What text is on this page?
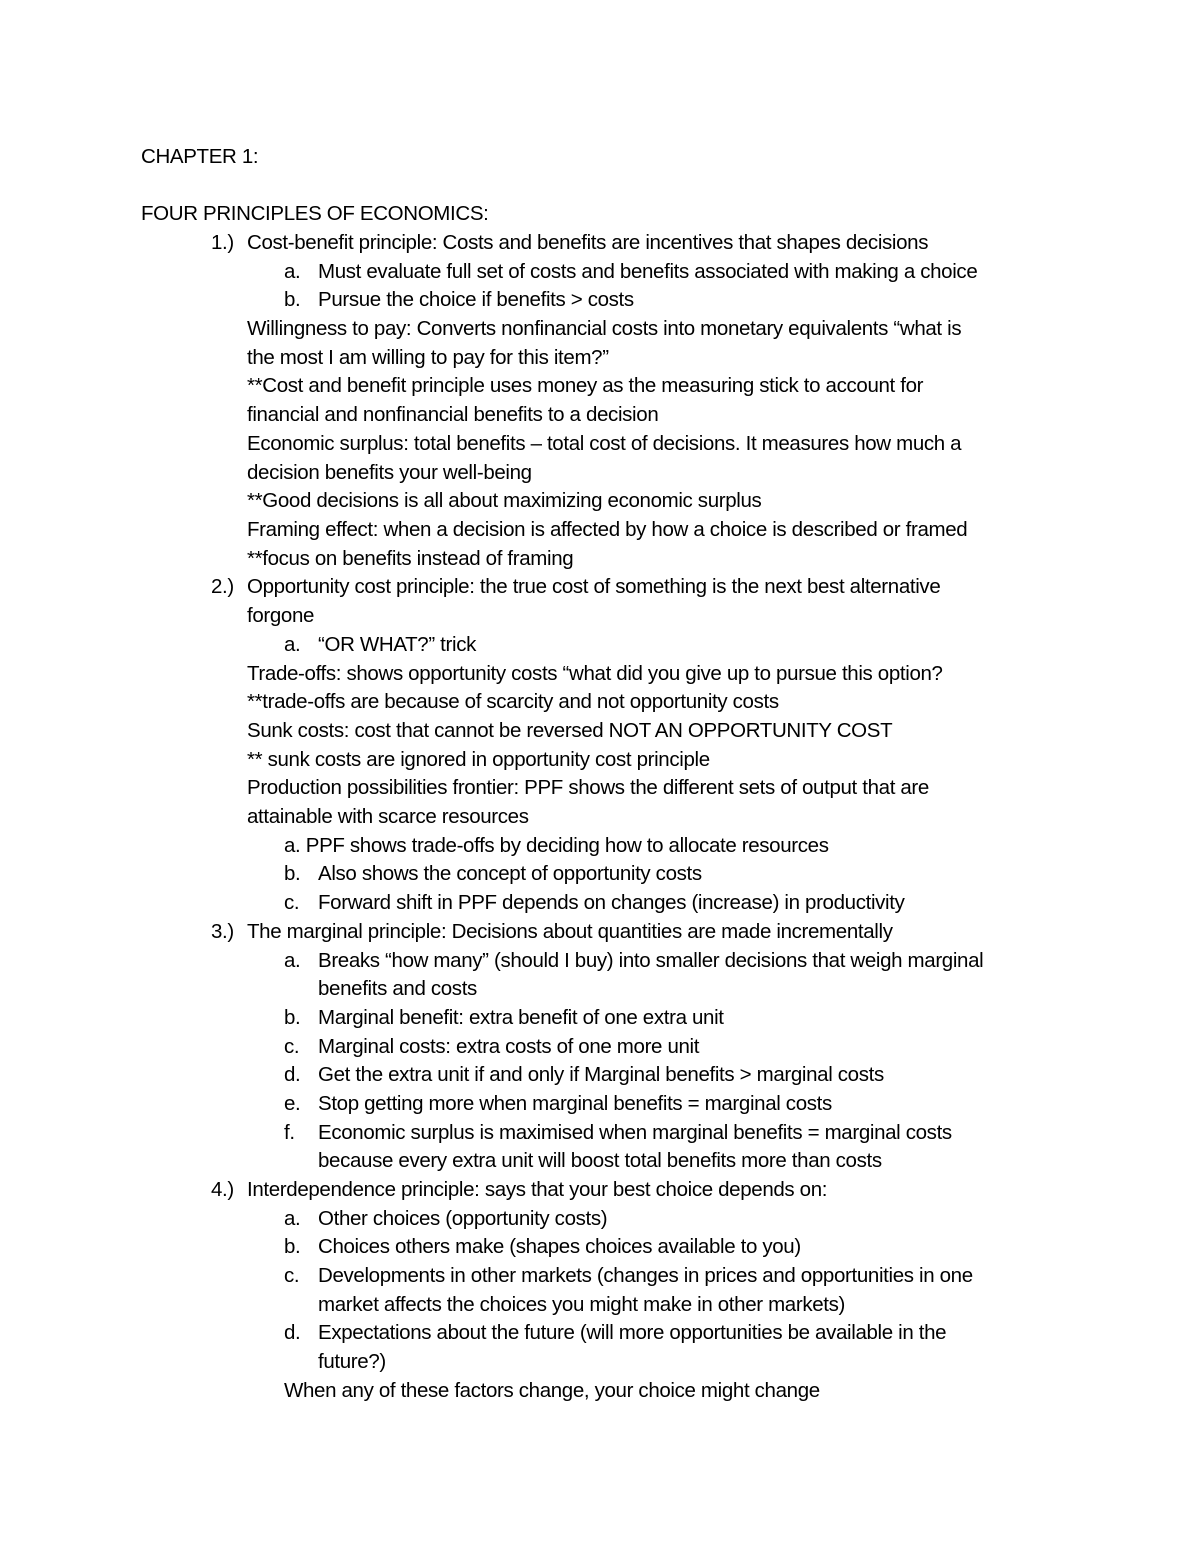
CHAPTER 1:

FOUR PRINCIPLES OF ECONOMICS:

1.) Cost-benefit principle: Costs and benefits are incentives that shapes decisions

a. Must evaluate full set of costs and benefits associated with making a choice

b. Pursue the choice if benefits > costs

Willingness to pay: Converts nonfinancial costs into monetary equivalents “what is

the most I am willing to pay for this item?”

**Cost and benefit principle uses money as the measuring stick to account for

financial and nonfinancial benefits to a decision

Economic surplus: total benefits – total cost of decisions. It measures how much a

decision benefits your well-being

**Good decisions is all about maximizing economic surplus

Framing effect: when a decision is affected by how a choice is described or framed

**focus on benefits instead of framing

2.) Opportunity cost principle: the true cost of something is the next best alternative

forgone

a. “OR WHAT?” trick

Trade-offs: shows opportunity costs “what did you give up to pursue this option?

**trade-offs are because of scarcity and not opportunity costs

Sunk costs: cost that cannot be reversed NOT AN OPPORTUNITY COST

** sunk costs are ignored in opportunity cost principle

Production possibilities frontier: PPF shows the different sets of output that are

attainable with scarce resources

a. PPF shows trade-offs by deciding how to allocate resources

b. Also shows the concept of opportunity costs

c. Forward shift in PPF depends on changes (increase) in productivity

3.) The marginal principle: Decisions about quantities are made incrementally

a. Breaks “how many” (should I buy) into smaller decisions that weigh marginal

benefits and costs

b. Marginal benefit: extra benefit of one extra unit

c. Marginal costs: extra costs of one more unit

d. Get the extra unit if and only if Marginal benefits > marginal costs

e. Stop getting more when marginal benefits = marginal costs

f. Economic surplus is maximised when marginal benefits = marginal costs

because every extra unit will boost total benefits more than costs

4.) Interdependence principle: says that your best choice depends on:

a. Other choices (opportunity costs)

b. Choices others make (shapes choices available to you)

c. Developments in other markets (changes in prices and opportunities in one

market affects the choices you might make in other markets)

d. Expectations about the future (will more opportunities be available in the

future?)

When any of these factors change, your choice might change
